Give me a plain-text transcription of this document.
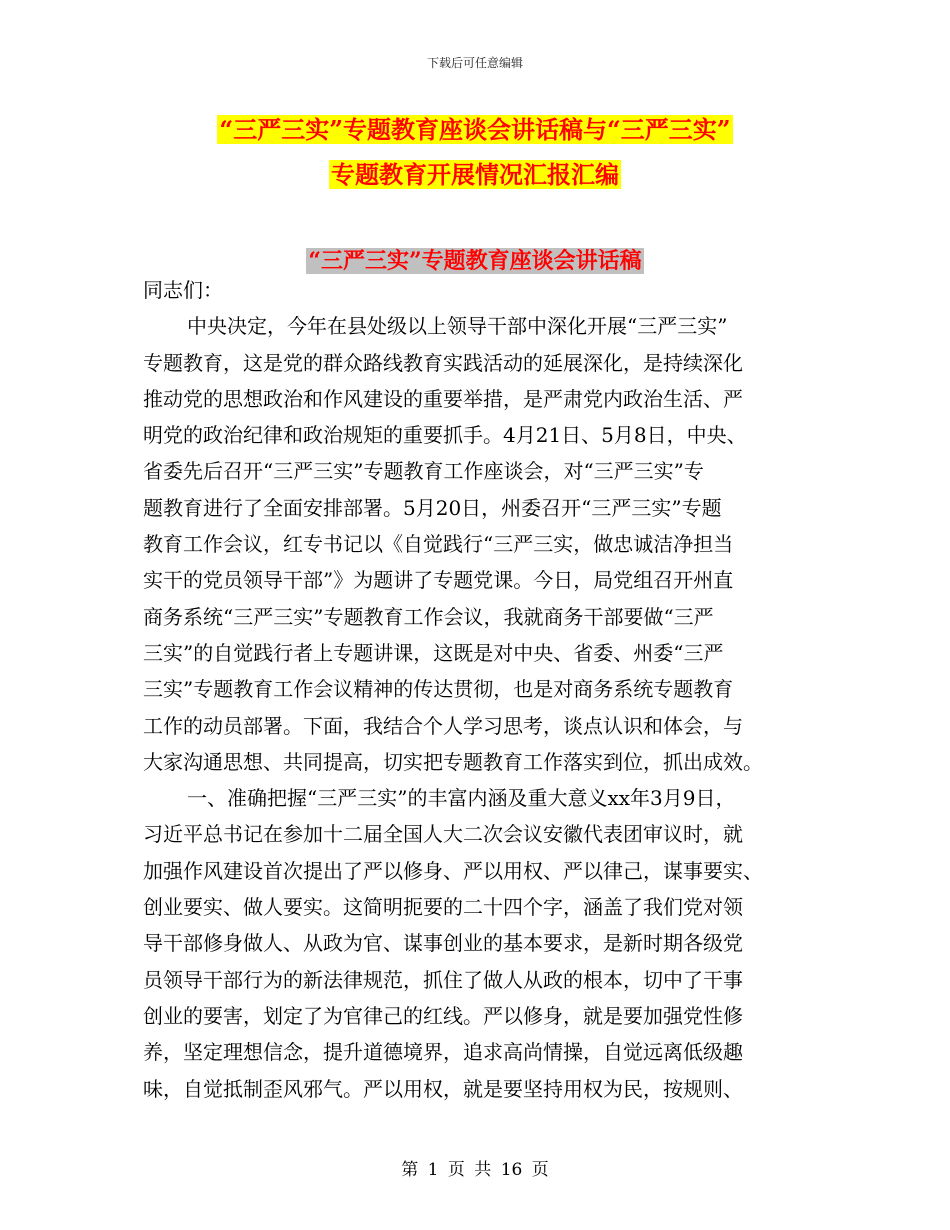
下载后可任意编辑
“三严三实”专题教育座谈会讲话稿与“三严三实”
专题教育开展情况汇报汇编
“三严三实”专题教育座谈会讲话稿
同志们：
中央决定，今年在县处级以上领导干部中深化开展“三严三实”
专题教育，这是党的群众路线教育实践活动的延展深化，是持续深化
推动党的思想政治和作风建设的重要举措，是严肃党内政治生活、严
明党的政治纪律和政治规矩的重要抓手。4月21日、5月8日，中央、
省委先后召开“三严三实”专题教育工作座谈会，对“三严三实”专
题教育进行了全面安排部署。5月20日，州委召开“三严三实”专题
教育工作会议，红专书记以《自觉践行“三严三实，做忠诚洁净担当
实干的党员领导干部”》为题讲了专题党课。今日，局党组召开州直
商务系统“三严三实”专题教育工作会议，我就商务干部要做“三严
三实”的自觉践行者上专题讲课，这既是对中央、省委、州委“三严
三实”专题教育工作会议精神的传达贯彻，也是对商务系统专题教育
工作的动员部署。下面，我结合个人学习思考，谈点认识和体会，与
大家沟通思想、共同提高，切实把专题教育工作落实到位，抓出成效。
一、准确把握“三严三实”的丰富内涵及重大意义xx年3月9日，
习近平总书记在参加十二届全国人大二次会议安徽代表团审议时，就
加强作风建设首次提出了严以修身、严以用权、严以律己，谋事要实、
创业要实、做人要实。这简明扼要的二十四个字，涵盖了我们党对领
导干部修身做人、从政为官、谋事创业的基本要求，是新时期各级党
员领导干部行为的新法律规范，抓住了做人从政的根本，切中了干事
创业的要害，划定了为官律己的红线。严以修身，就是要加强党性修
养，坚定理想信念，提升道德境界，追求高尚情操，自觉远离低级趣
味，自觉抵制歪风邪气。严以用权，就是要坚持用权为民，按规则、
第 1 页 共 16 页
